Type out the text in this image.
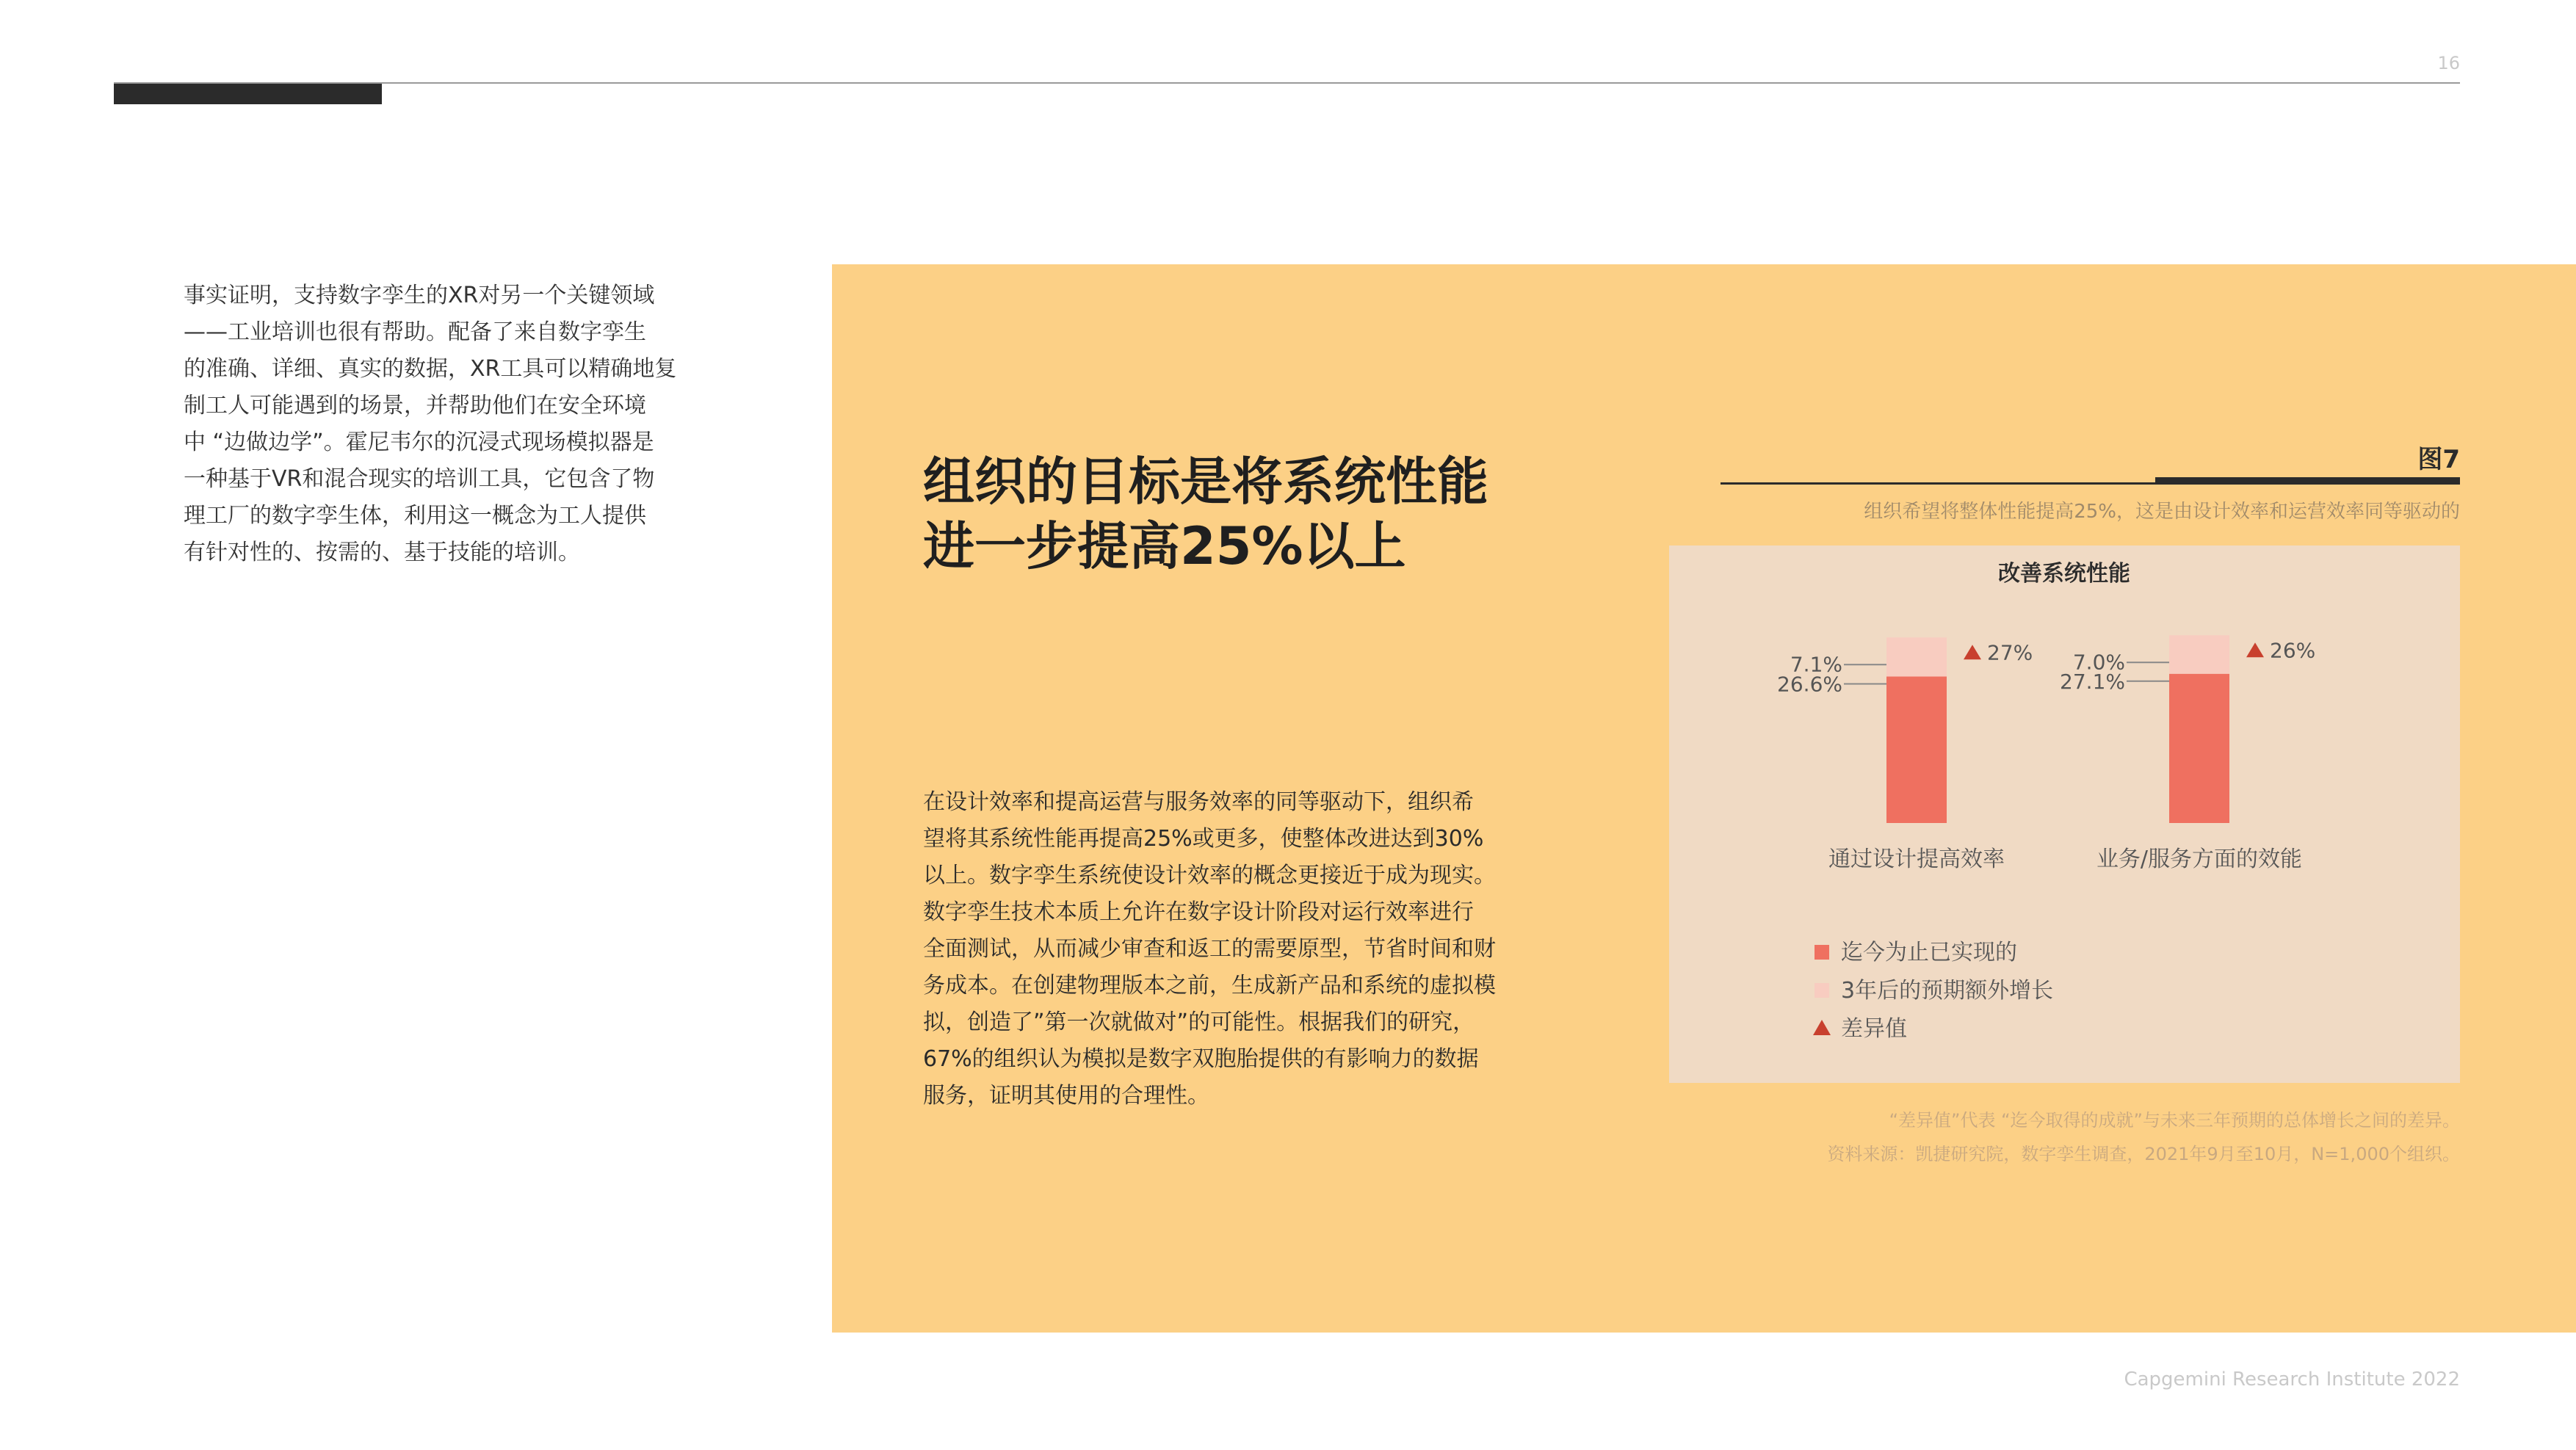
16
事实证明，支持数字孪生的XR对另一个关键领域
——工业培训也很有帮助。配备了来自数字孪生
的准确、详细、真实的数据，XR工具可以精确地复
制工人可能遇到的场景，并帮助他们在安全环境
中 “边做边学”。霍尼韦尔的沉浸式现场模拟器是
一种基于VR和混合现实的培训工具，它包含了物
理工厂的数字孪生体，利用这一概念为工人提供
有针对性的、按需的、基于技能的培训。
组织的目标是将系统性能
进一步提高25%以上
在设计效率和提高运营与服务效率的同等驱动下，组织希
望将其系统性能再提高25%或更多，使整体改进达到30%
以上。数字孪生系统使设计效率的概念更接近于成为现实。
数字孪生技术本质上允许在数字设计阶段对运行效率进行
全面测试，从而减少审查和返工的需要原型，节省时间和财
务成本。在创建物理版本之前，生成新产品和系统的虚拟模
拟，创造了”第一次就做对”的可能性。根据我们的研究，
67%的组织认为模拟是数字双胞胎提供的有影响力的数据
服务，证明其使用的合理性。
图7
组织希望将整体性能提高25%，这是由设计效率和运营效率同等驱动的
改善系统性能
26.6%
7.1%	27%
通过设计提高效率
27.1%
7.0%	26%
业务/服务方面的效能
迄今为止已实现的
3年后的预期额外增长
差异值
“差异值”代表 “迄今取得的成就”与未来三年预期的总体增长之间的差异。
资料来源：凯捷研究院，数字孪生调查，2021年9月至10月，N=1,000个组织。
Capgemini Research Institute 2022
